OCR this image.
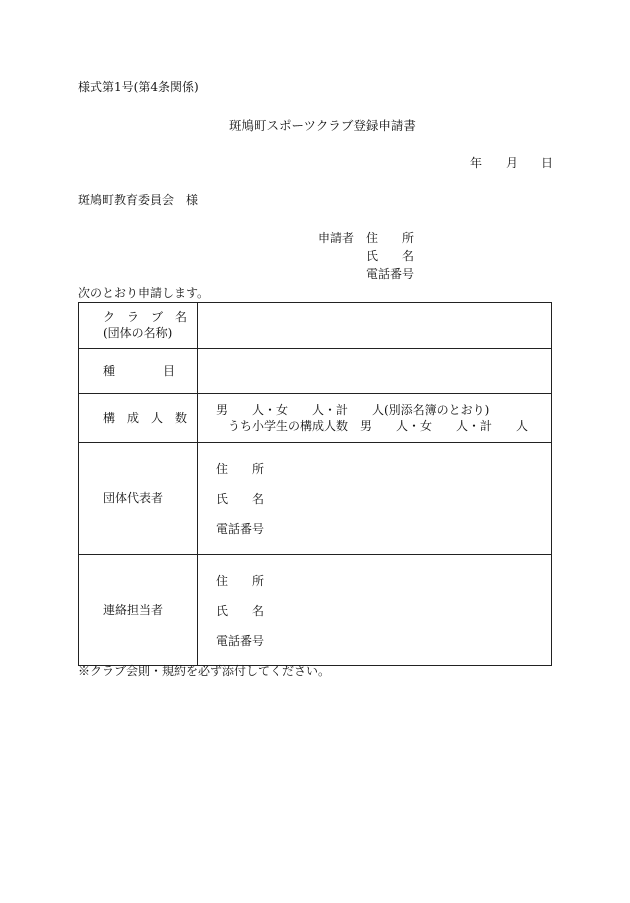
様式第1号(第4条関係)
斑鳩町スポーツクラブ登録申請書
年 月 日
斑鳩町教育委員会　様
申請者 住　　所
氏　　名
電話番号
次のとおり申請します。
ク　ラ　ブ　名
(団体の名称)	

種　　　　目	

構　成　人　数	男　　人・女　　人・計　　人(別添名簿のとおり)
うち小学生の構成人数　男　　人・女　　人・計　　人

団体代表者	住　　所
氏　　名
電話番号

連絡担当者	住　　所
氏　　名
電話番号
※クラブ会則・規約を必ず添付してください。
